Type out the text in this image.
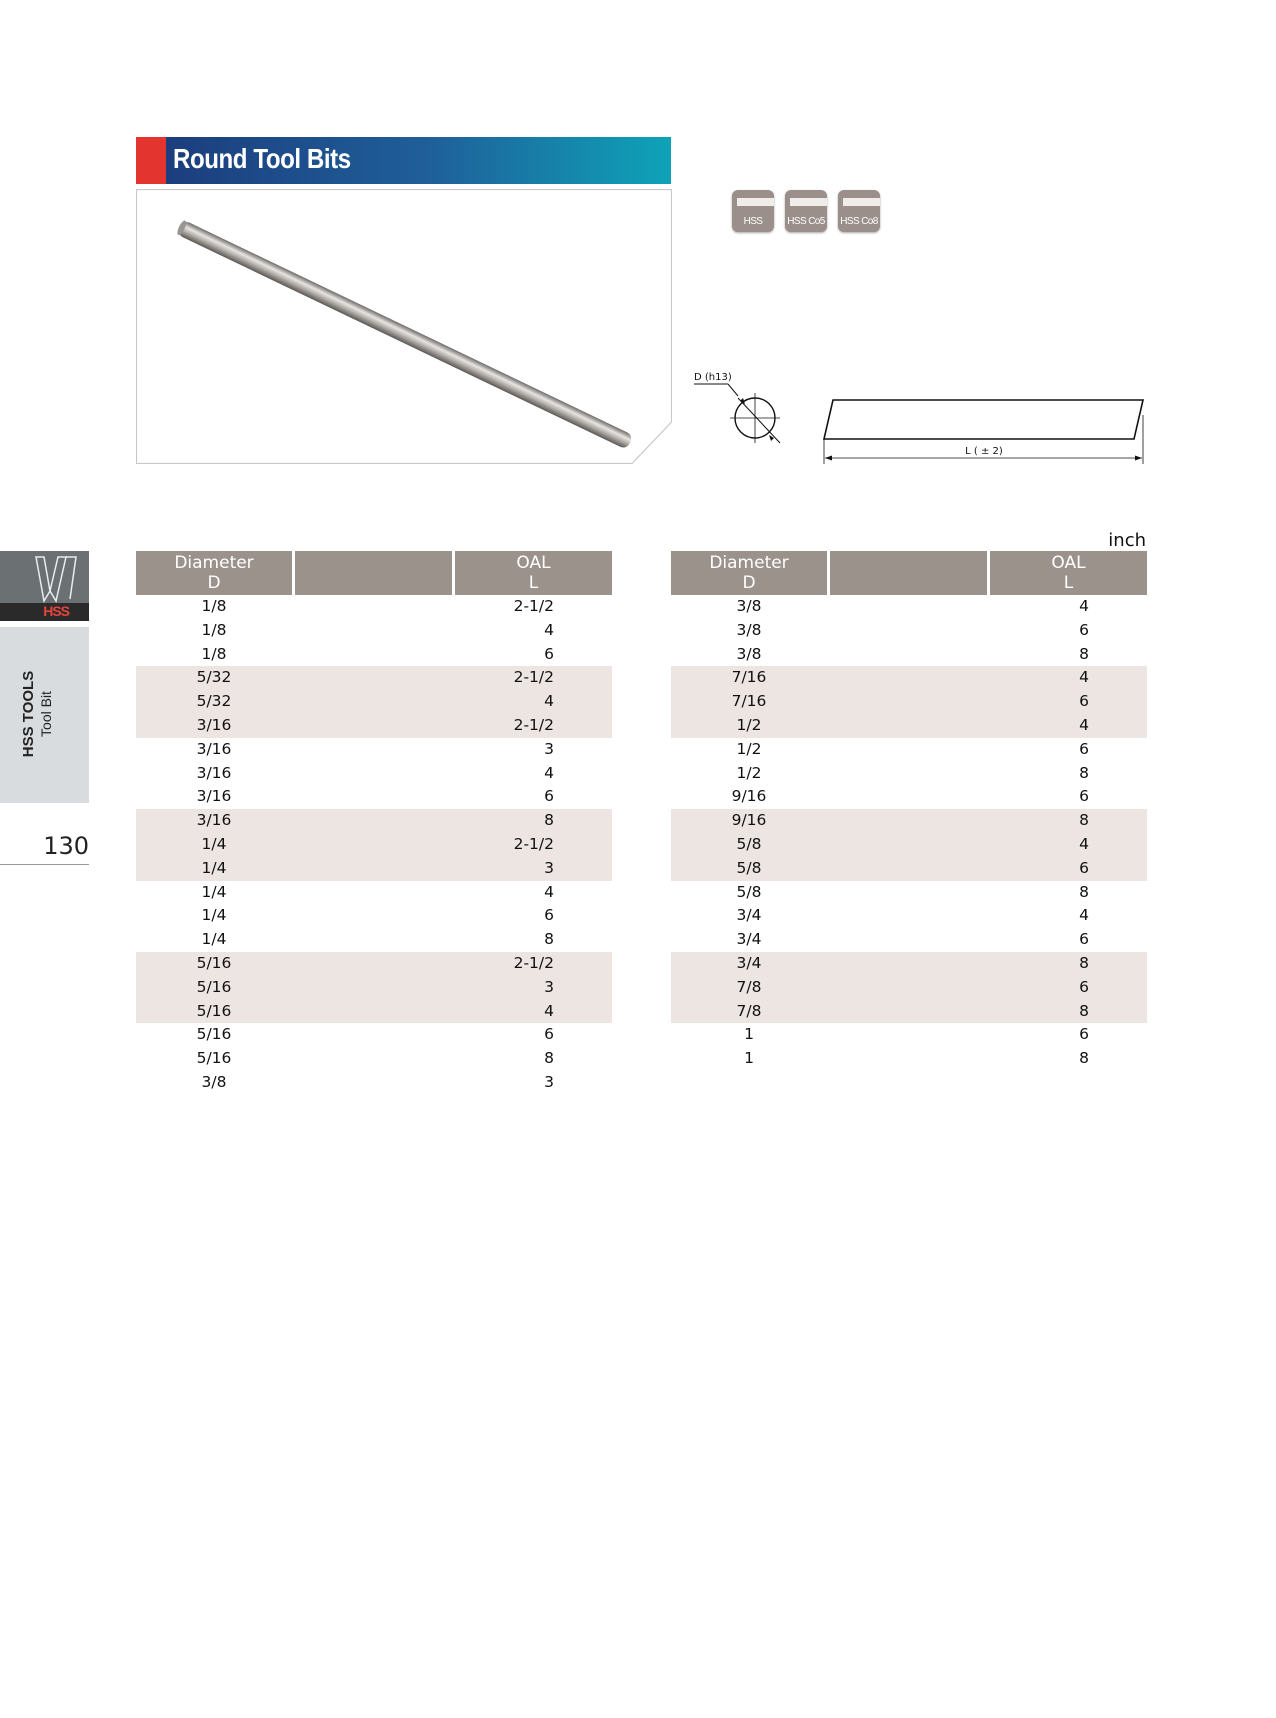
Round Tool Bits
HSS	HSS Co5 HSS Co8
D (h13)
L ( ± 2)
HSS
HSS TOOLS
Tool Bit
130
inch
Diameter
D
OAL
L
1/8	2-1/2
1/8	4
1/8	6
5/32	2-1/2
5/32	4
3/16	2-1/2
3/16	3
3/16	4
3/16	6
3/16	8
1/4	2-1/2
1/4	3
1/4	4
1/4	6
1/4	8
5/16	2-1/2
5/16	3
5/16	4
5/16	6
5/16	8
3/8	3
Diameter
D
OAL
L
3/8	4
3/8	6
3/8	8
7/16	4
7/16	6
1/2	4
1/2	6
1/2	8
9/16	6
9/16	8
5/8	4
5/8	6
5/8	8
3/4	4
3/4	6
3/4	8
7/8	6
7/8	8
1	6
1	8
